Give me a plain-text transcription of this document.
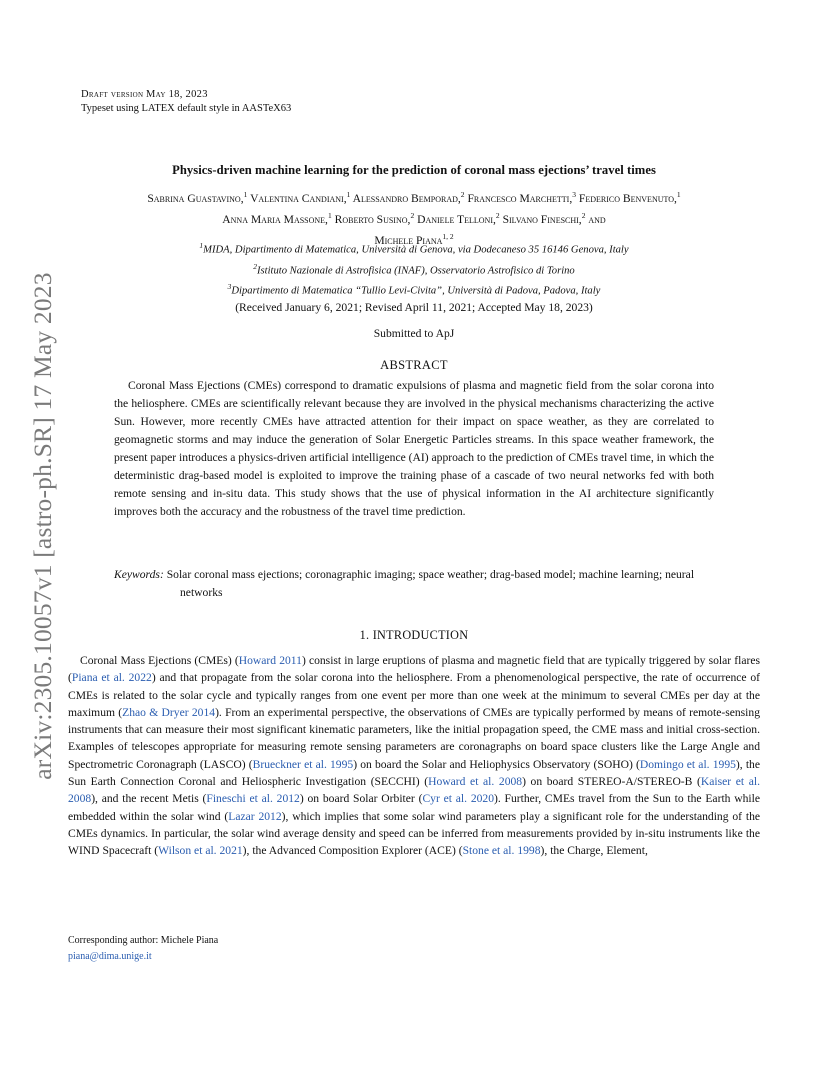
arXiv:2305.10057v1 [astro-ph.SR] 17 May 2023
Draft version May 18, 2023
Typeset using LATEX default style in AASTeX63
Physics-driven machine learning for the prediction of coronal mass ejections’ travel times
Sabrina Guastavino,$^1$ Valentina Candiani,$^1$ Alessandro Bemporad,$^2$ Francesco Marchetti,$^3$ Federico Benvenuto,$^1$
Anna Maria Massone,$^1$ Roberto Susino,$^2$ Daniele Telloni,$^2$ Silvano Fineschi,$^2$ and
Michele Piana$^{1, 2}$
$^1$MIDA, Dipartimento di Matematica, Università di Genova, via Dodecaneso 35 16146 Genova, Italy
$^2$Istituto Nazionale di Astrofisica (INAF), Osservatorio Astrofisico di Torino
$^3$Dipartimento di Matematica “Tullio Levi-Civita”, Università di Padova, Padova, Italy
(Received January 6, 2021; Revised April 11, 2021; Accepted May 18, 2023)
Submitted to ApJ
ABSTRACT
Coronal Mass Ejections (CMEs) correspond to dramatic expulsions of plasma and magnetic field from the solar corona into the heliosphere. CMEs are scientifically relevant because they are involved in the physical mechanisms characterizing the active Sun. However, more recently CMEs have attracted attention for their impact on space weather, as they are correlated to geomagnetic storms and may induce the generation of Solar Energetic Particles streams. In this space weather framework, the present paper introduces a physics-driven artificial intelligence (AI) approach to the prediction of CMEs travel time, in which the deterministic drag-based model is exploited to improve the training phase of a cascade of two neural networks fed with both remote sensing and in-situ data. This study shows that the use of physical information in the AI architecture significantly improves both the accuracy and the robustness of the travel time prediction.
Keywords: Solar coronal mass ejections; coronagraphic imaging; space weather; drag-based model; machine learning; neural networks
1. INTRODUCTION
Coronal Mass Ejections (CMEs) (Howard 2011) consist in large eruptions of plasma and magnetic field that are typically triggered by solar flares (Piana et al. 2022) and that propagate from the solar corona into the heliosphere. From a phenomenological perspective, the rate of occurrence of CMEs is related to the solar cycle and typically ranges from one event per more than one week at the minimum to several CMEs per day at the maximum (Zhao & Dryer 2014). From an experimental perspective, the observations of CMEs are typically performed by means of remote-sensing instruments that can measure their most significant kinematic parameters, like the initial propagation speed, the CME mass and initial cross-section. Examples of telescopes appropriate for measuring remote sensing parameters are coronagraphs on board space clusters like the Large Angle and Spectrometric Coronagraph (LASCO) (Brueckner et al. 1995) on board the Solar and Heliophysics Observatory (SOHO) (Domingo et al. 1995), the Sun Earth Connection Coronal and Heliospheric Investigation (SECCHI) (Howard et al. 2008) on board STEREO-A/STEREO-B (Kaiser et al. 2008), and the recent Metis (Fineschi et al. 2012) on board Solar Orbiter (Cyr et al. 2020). Further, CMEs travel from the Sun to the Earth while embedded within the solar wind (Lazar 2012), which implies that some solar wind parameters play a significant role for the understanding of the CMEs dynamics. In particular, the solar wind average density and speed can be inferred from measurements provided by in-situ instruments like the WIND Spacecraft (Wilson et al. 2021), the Advanced Composition Explorer (ACE) (Stone et al. 1998), the Charge, Element,
Corresponding author: Michele Piana
piana@dima.unige.it
